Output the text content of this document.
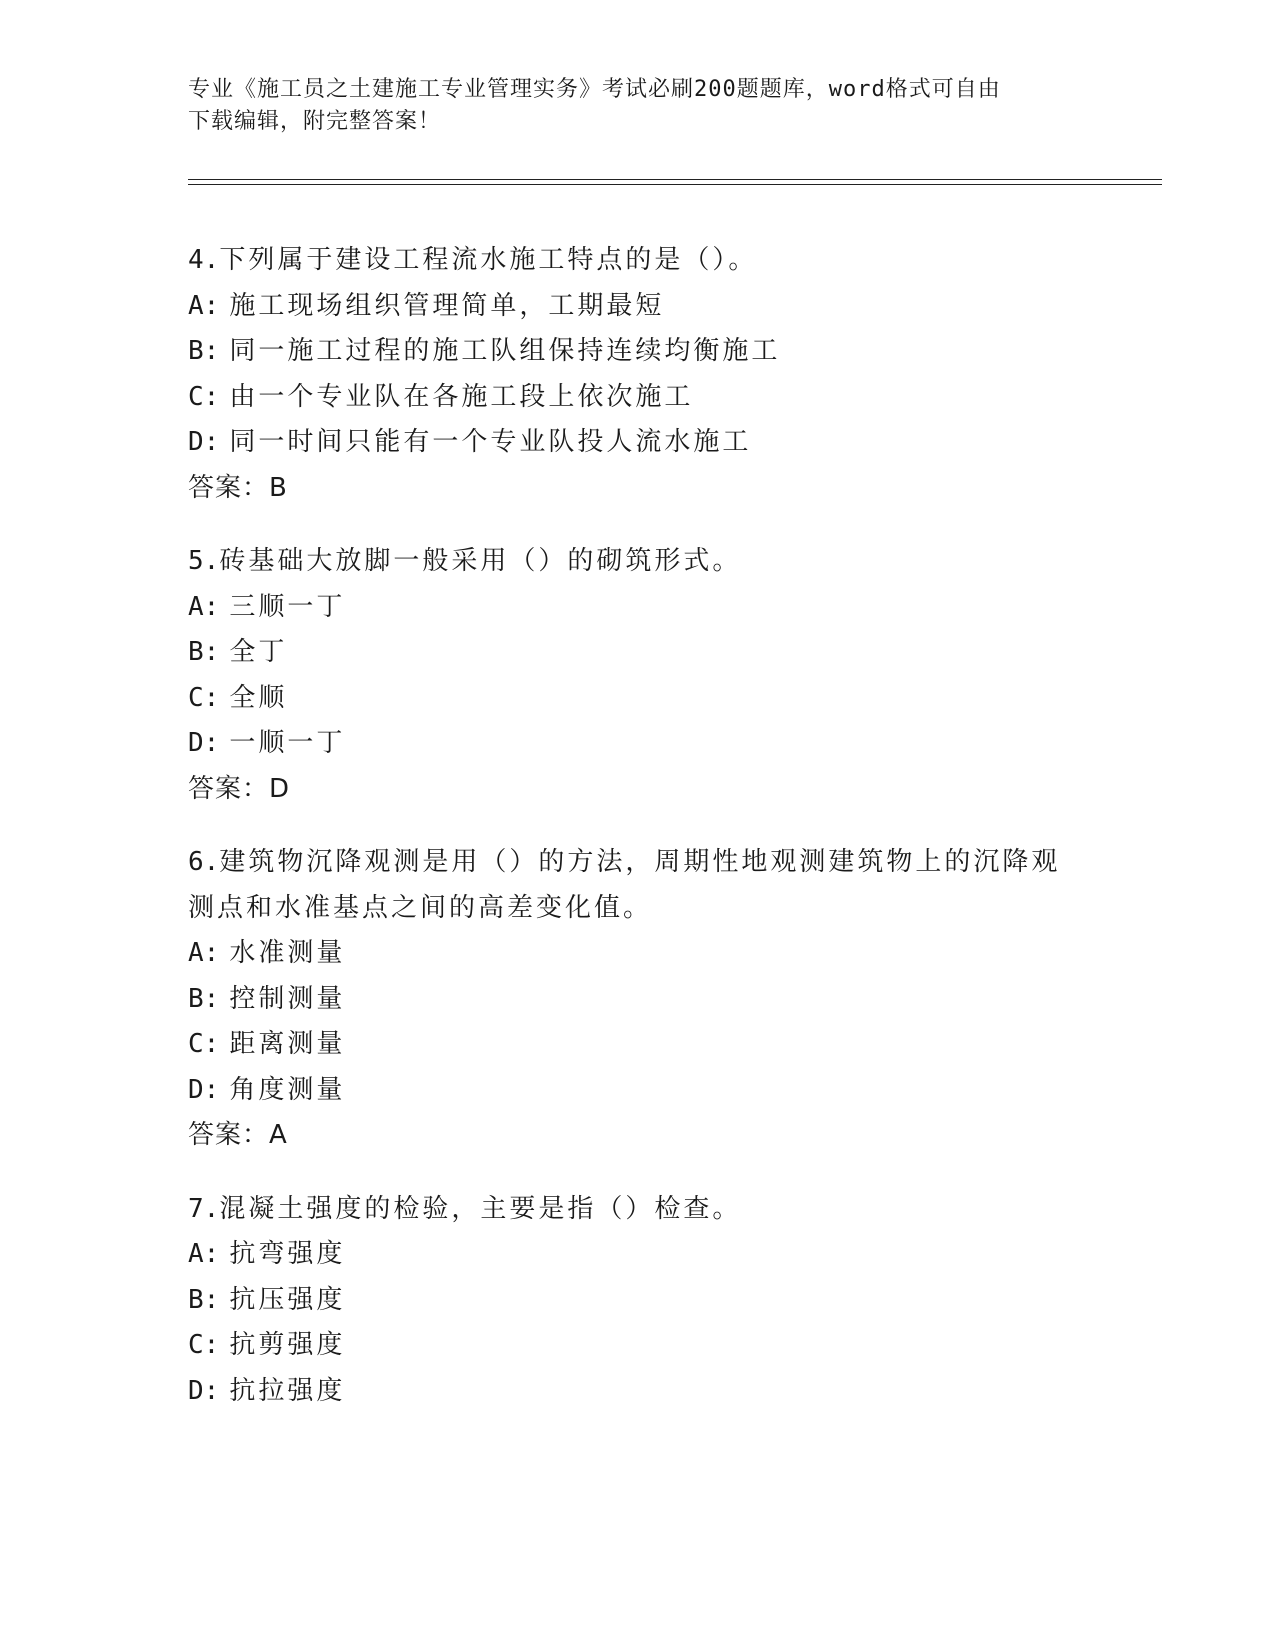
专业《施工员之土建施工专业管理实务》考试必刷200题题库，word格式可自由
下载编辑，附完整答案！
4.下列属于建设工程流水施工特点的是（）。
A: 施工现场组织管理简单，工期最短
B: 同一施工过程的施工队组保持连续均衡施工
C: 由一个专业队在各施工段上依次施工
D: 同一时间只能有一个专业队投人流水施工
答案：B
5.砖基础大放脚一般采用（）的砌筑形式。
A: 三顺一丁
B: 全丁
C: 全顺
D: 一顺一丁
答案：D
6.建筑物沉降观测是用（）的方法，周期性地观测建筑物上的沉降观
测点和水准基点之间的高差变化值。
A: 水准测量
B: 控制测量
C: 距离测量
D: 角度测量
答案：A
7.混凝土强度的检验，主要是指（）检查。
A: 抗弯强度
B: 抗压强度
C: 抗剪强度
D: 抗拉强度
